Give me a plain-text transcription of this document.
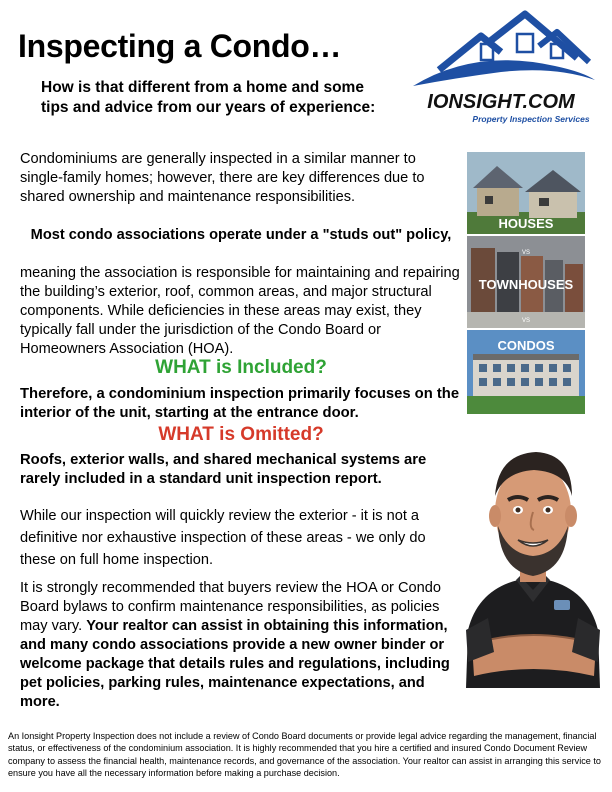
Inspecting a Condo…
How is that different from a home and some tips and advice from our years of experience:	IONSIGHT.COM
Property Inspection Services
Condominiums are generally inspected in a similar manner to single-family homes; however, there are key differences due to shared ownership and maintenance responsibilities.
HOUSES
VS
TOWNHOUSES
VS
CONDOS
Most condo associations operate under a "studs out" policy,
meaning the association is responsible for maintaining and repairing the building’s exterior, roof, common areas, and major structural components. While deficiencies in these areas may exist, they typically fall under the jurisdiction of the Condo Board or Homeowners Association (HOA).
WHAT is Included?
Therefore, a condominium inspection primarily focuses on the interior of the unit, starting at the entrance door.
WHAT is Omitted?
Roofs, exterior walls, and shared mechanical systems are rarely included in a standard unit inspection report.
While our inspection will quickly review the exterior - it is not a definitive nor exhaustive inspection of these areas - we only do these on full home inspection.
It is strongly recommended that buyers review the HOA or Condo Board bylaws to confirm maintenance responsibilities, as policies may vary. Your realtor can assist in obtaining this information, and many condo associations provide a new owner binder or welcome package that details rules and regulations, including pet policies, parking rules, maintenance expectations, and more.
An Ionsight Property Inspection does not include a review of Condo Board documents or provide legal advice regarding the management, financial status, or effectiveness of the condominium association. It is highly recommended that you hire a certified and insured Condo Document Review company to assess the financial health, maintenance records, and governance of the association. Your realtor can assist in arranging this service to ensure you have all the necessary information before making a purchase decision.
